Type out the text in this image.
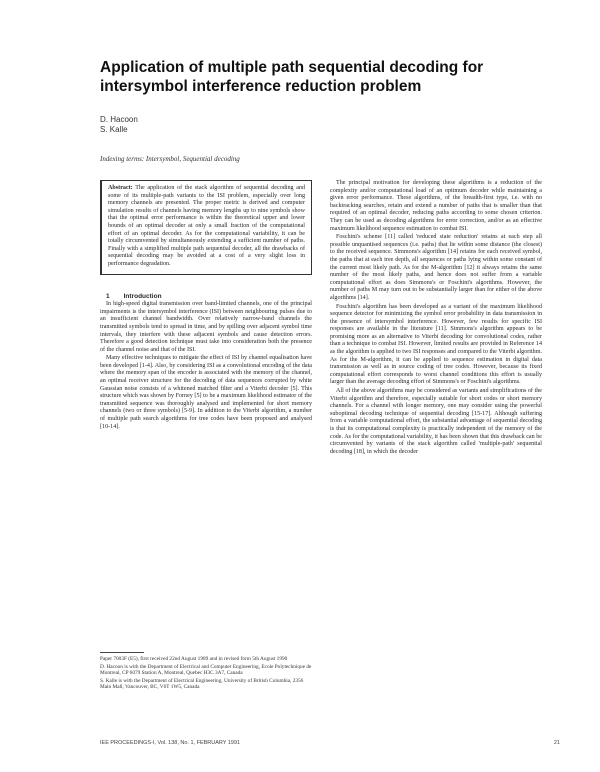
Application of multiple path sequential decoding for intersymbol interference reduction problem
D. Hacoon
S. Kalle
Indexing terms: Intersymbol, Sequential decoding

Abstract: The application of the stack algorithm of sequential decoding and some of its multiple-path variants to the ISI problem, especially over long memory channels are presented. The proper metric is derived and computer simulation results of channels having memory lengths up to nine symbols show that the optimal error performance is within the theoretical upper and lower bounds of an optimal decoder at only a small fraction of the computational effort of an optimal decoder. As for the computational variability, it can be totally circumvented by simultaneously extending a sufficient number of paths. Finally with a simplified multiple path sequential decoder, all the drawbacks of sequential decoding may be avoided at a cost of a very slight loss in performance degradation.

1 Introduction

In high-speed digital transmission over band-limited channels, one of the principal impairments is the intersymbol interference (ISI) between neighbouring pulses due to an insufficient channel bandwidth. Over relatively narrow-band channels the transmitted symbols tend to spread in time, and by spilling over adjacent symbol time intervals, they interfere with these adjacent symbols and cause detection errors. Therefore a good detection technique must take into consideration both the presence of the channel noise and that of the ISI.

Many effective techniques to mitigate the effect of ISI by channel equalisation have been developed [1-4]. Also, by considering ISI as a convolutional encoding of the data where the memory span of the encoder is associated with the memory of the channel, an optimal receiver structure for the decoding of data sequences corrupted by white Gaussian noise consists of a whitened matched filter and a Viterbi decoder [5]. This structure which was shown by Forney [5] to be a maximum likelihood estimator of the transmitted sequence was thoroughly analysed and implemented for short memory channels (two or three symbols) [5-9]. In addition to the Viterbi algorithm, a number of multiple path search algorithms for tree codes have been proposed and analysed [10-14].

The principal motivation for developing these algorithms is a reduction of the complexity and/or computational load of an optimum decoder while maintaining a given error performance. These algorithms, of the breadth-first type, i.e. with no backtracking searches, retain and extend a number of paths that is smaller than that required of an optimal decoder, reducing paths according to some chosen criterion. They can be used as decoding algorithms for error correction, and/or as an effective maximum likelihood sequence estimation to combat ISI.

Foschini's scheme [11] called 'reduced state reduction' retains at each step all possible unquantised sequences (i.e. paths) that lie within some distance (the closest) to the received sequence. Simmons's algorithm [14] retains for each received symbol, the paths that at each tree depth, all sequences or paths lying within some constant of the current most likely path. As for the M-algorithm [12] it always retains the same number of the most likely paths, and hence does not suffer from a variable computational effort as does Simmons's or Foschini's algorithms. However, the number of paths M may turn out to be substantially larger than for either of the above algorithms [14].

Foschini's algorithm has been developed as a variant of the maximum likelihood sequence detector for minimizing the symbol error probability in data transmission in the presence of intersymbol interference. However, few results for specific ISI responses are available in the literature [11]. Simmons's algorithm appears to be promising more as an alternative to Viterbi decoding for convolutional codes, rather than a technique to combat ISI. However, limited results are provided in Reference 14 as the algorithm is applied to two ISI responses and compared to the Viterbi algorithm. As for the M-algorithm, it can be applied to sequence estimation in digital data transmission as well as in source coding of tree codes. However, because its fixed computational effort corresponds to worst channel conditions this effort is usually larger than the average decoding effort of Simmons's or Foschini's algorithms.

All of the above algorithms may be considered as variants and simplifications of the Viterbi algorithm and therefore, especially suitable for short codes or short memory channels. For a channel with longer memory, one may consider using the powerful suboptimal decoding technique of sequential decoding [15-17]. Although suffering from a variable computational effort, the substantial advantage of sequential decoding is that its computational complexity is practically independent of the memory of the code. As for the computational variability, it has been shown that this drawback can be circumvented by variants of the stack algorithm called 'multiple-path' sequential decoding [18], in which the decoder

Paper 7003F (E5), first received 22nd August 1989 and in revised form 5th August 1990

D. Hacoon is with the Department of Electrical and Computer Engineering, Ecole Polytechnique de Montreal, CP 6079 Station A, Montreal, Quebec H3C 3A7, Canada

S. Kalle is with the Department of Electrical Engineering, University of British Columbia, 2356 Main Mall, Vancouver, BC, V6T 1W5, Canada

IEE PROCEEDINGS-I, Vol. 138, No. 1, FEBRUARY 1991	21
